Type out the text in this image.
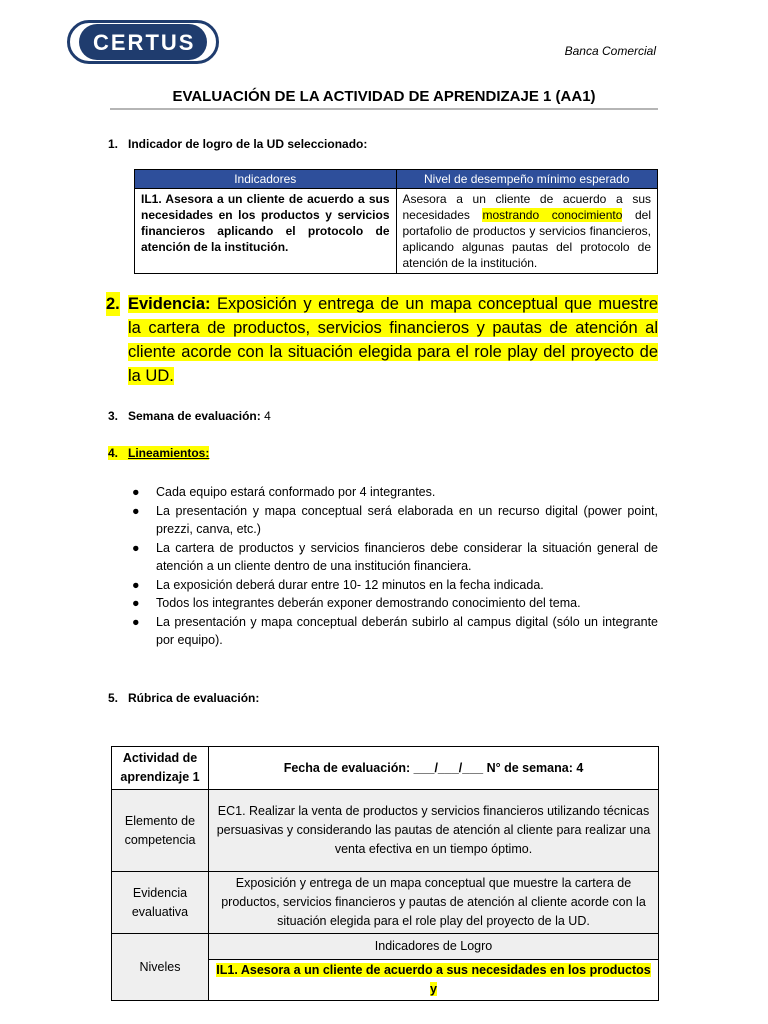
CERTUS	Banca Comercial
EVALUACIÓN DE LA ACTIVIDAD DE APRENDIZAJE 1 (AA1)
1. Indicador de logro de la UD seleccionado:
Indicadores	Nivel de desempeño mínimo esperado
IL1. Asesora a un cliente de acuerdo a sus necesidades en los productos y servicios financieros aplicando el protocolo de atención de la institución.	Asesora a un cliente de acuerdo a sus necesidades mostrando conocimiento del portafolio de productos y servicios financieros, aplicando algunas pautas del protocolo de atención de la institución.
2. Evidencia: Exposición y entrega de un mapa conceptual que muestre la cartera de productos, servicios financieros y pautas de atención al cliente acorde con la situación elegida para el role play del proyecto de la UD.
3. Semana de evaluación: 4
4. Lineamientos:
● Cada equipo estará conformado por 4 integrantes.
● La presentación y mapa conceptual será elaborada en un recurso digital (power point, prezzi, canva, etc.)
● La cartera de productos y servicios financieros debe considerar la situación general de atención a un cliente dentro de una institución financiera.
● La exposición deberá durar entre 10- 12 minutos en la fecha indicada.
● Todos los integrantes deberán exponer demostrando conocimiento del tema.
● La presentación y mapa conceptual deberán subirlo al campus digital (sólo un integrante por equipo).
5. Rúbrica de evaluación:
Actividad de aprendizaje 1	Fecha de evaluación: ___/___/___ N° de semana: 4
Elemento de competencia	EC1. Realizar la venta de productos y servicios financieros utilizando técnicas persuasivas y considerando las pautas de atención al cliente para realizar una venta efectiva en un tiempo óptimo.
Evidencia evaluativa	Exposición y entrega de un mapa conceptual que muestre la cartera de productos, servicios financieros y pautas de atención al cliente acorde con la situación elegida para el role play del proyecto de la UD.
Niveles	Indicadores de Logro
	IL1. Asesora a un cliente de acuerdo a sus necesidades en los productos y
